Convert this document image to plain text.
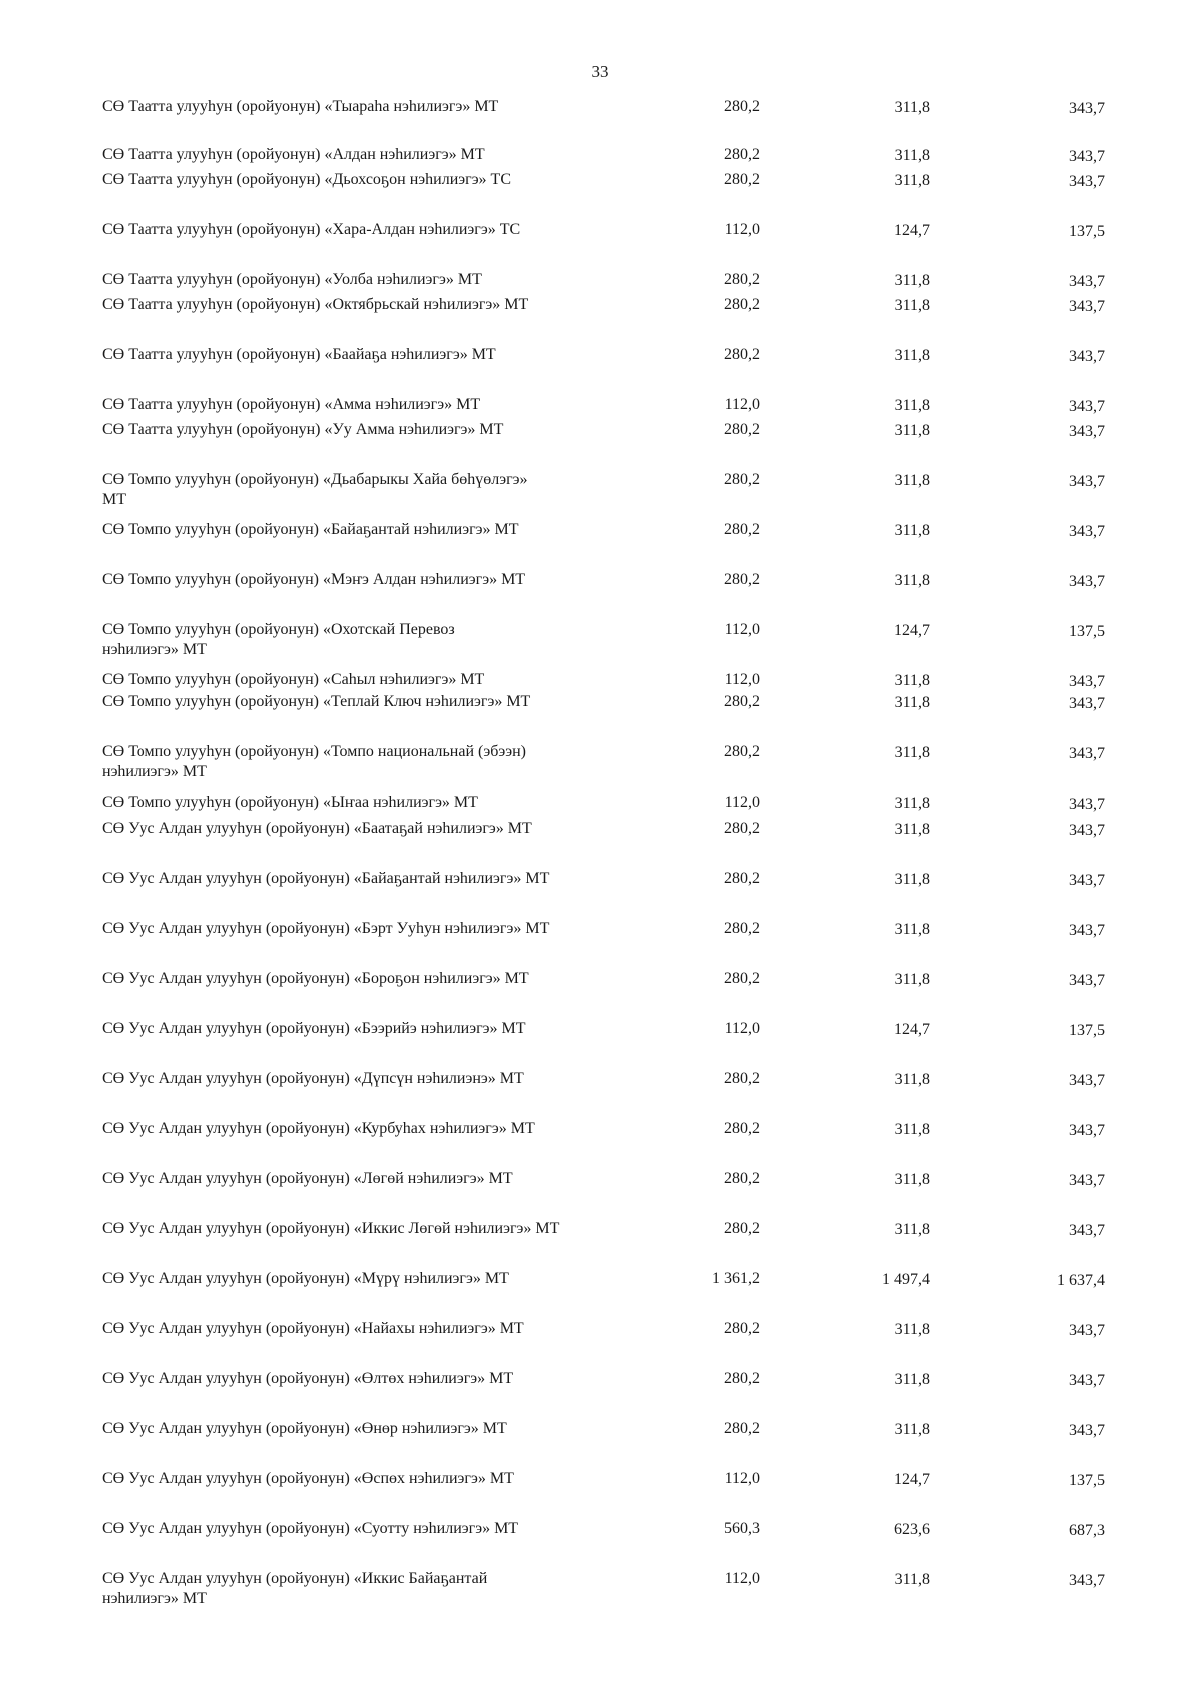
33
СӨ Таатта улууһун (оройуонун) «Тыараһа нэһилиэгэ» МТ	280,2	311,8	343,7
СӨ Таатта улууһун (оройуонун) «Алдан нэһилиэгэ» МТ	280,2	311,8	343,7
СӨ Таатта улууһун (оройуонун) «Дьохсоҕон нэһилиэгэ» ТС	280,2	311,8	343,7
СӨ Таатта улууһун (оройуонун) «Хара-Алдан нэһилиэгэ» ТС	112,0	124,7	137,5
СӨ Таатта улууһун (оройуонун) «Уолба нэһилиэгэ» МТ	280,2	311,8	343,7
СӨ Таатта улууһун (оройуонун) «Октябрьскай нэһилиэгэ» МТ	280,2	311,8	343,7
СӨ Таатта улууһун (оройуонун) «Баайаҕа нэһилиэгэ» МТ	280,2	311,8	343,7
СӨ Таатта улууһун (оройуонун) «Амма нэһилиэгэ» МТ	112,0	311,8	343,7
СӨ Таатта улууһун (оройуонун) «Уу Амма нэһилиэгэ» МТ	280,2	311,8	343,7
СӨ Томпо улууһун (оройуонун) «Дьабарыкы Хайа бөһүөлэгэ» МТ
280,2	311,8	343,7
СӨ Томпо улууһун (оройуонун) «Байаҕантай нэһилиэгэ» МТ	280,2	311,8	343,7
СӨ Томпо улууһун (оройуонун) «Мэҥэ Алдан нэһилиэгэ» МТ	280,2	311,8	343,7
СӨ Томпо улууһун (оройуонун) «Охотскай Перевоз нэһилиэгэ» МТ
112,0	124,7	137,5
СӨ Томпо улууһун (оройуонун) «Саһыл нэһилиэгэ» МТ	112,0	311,8	343,7
СӨ Томпо улууһун (оройуонун) «Теплай Ключ нэһилиэгэ» МТ	280,2	311,8	343,7
СӨ Томпо улууһун (оройуонун) «Томпо национальнай (эбээн) нэһилиэгэ» МТ
280,2	311,8	343,7
СӨ Томпо улууһун (оройуонун) «Ыҥаа нэһилиэгэ» МТ	112,0	311,8	343,7
СӨ Уус Алдан улууһун (оройуонун) «Баатаҕай нэһилиэгэ» МТ	280,2	311,8	343,7
СӨ Уус Алдан улууһун (оройуонун) «Байаҕантай нэһилиэгэ» МТ	280,2	311,8	343,7
СӨ Уус Алдан улууһун (оройуонун) «Бэрт Ууһун нэһилиэгэ» МТ	280,2	311,8	343,7
СӨ Уус Алдан улууһун (оройуонун) «Бороҕон нэһилиэгэ» МТ	280,2	311,8	343,7
СӨ Уус Алдан улууһун (оройуонун) «Бээрийэ нэһилиэгэ» МТ	112,0	124,7	137,5
СӨ Уус Алдан улууһун (оройуонун) «Дүпсүн нэһилиэнэ» МТ	280,2	311,8	343,7
СӨ Уус Алдан улууһун (оройуонун) «Курбуһах нэһилиэгэ» МТ	280,2	311,8	343,7
СӨ Уус Алдан улууһун (оройуонун) «Лөгөй нэһилиэгэ» МТ	280,2	311,8	343,7
СӨ Уус Алдан улууһун (оройуонун) «Иккис Лөгөй нэһилиэгэ» МТ	280,2	311,8	343,7
СӨ Уус Алдан улууһун (оройуонун) «Мүрү нэһилиэгэ» МТ	1 361,2	1 497,4	1 637,4
СӨ Уус Алдан улууһун (оройуонун) «Найахы нэһилиэгэ» МТ	280,2	311,8	343,7
СӨ Уус Алдан улууһун (оройуонун) «Өлтөх нэһилиэгэ» МТ	280,2	311,8	343,7
СӨ Уус Алдан улууһун (оройуонун) «Өнөр нэһилиэгэ» МТ	280,2	311,8	343,7
СӨ Уус Алдан улууһун (оройуонун) «Өспөх нэһилиэгэ» МТ	112,0	124,7	137,5
СӨ Уус Алдан улууһун (оройуонун) «Суотту нэһилиэгэ» МТ	560,3	623,6	687,3
СӨ Уус Алдан улууһун (оройуонун) «Иккис Байаҕантай нэһилиэгэ» МТ
112,0	311,8	343,7
